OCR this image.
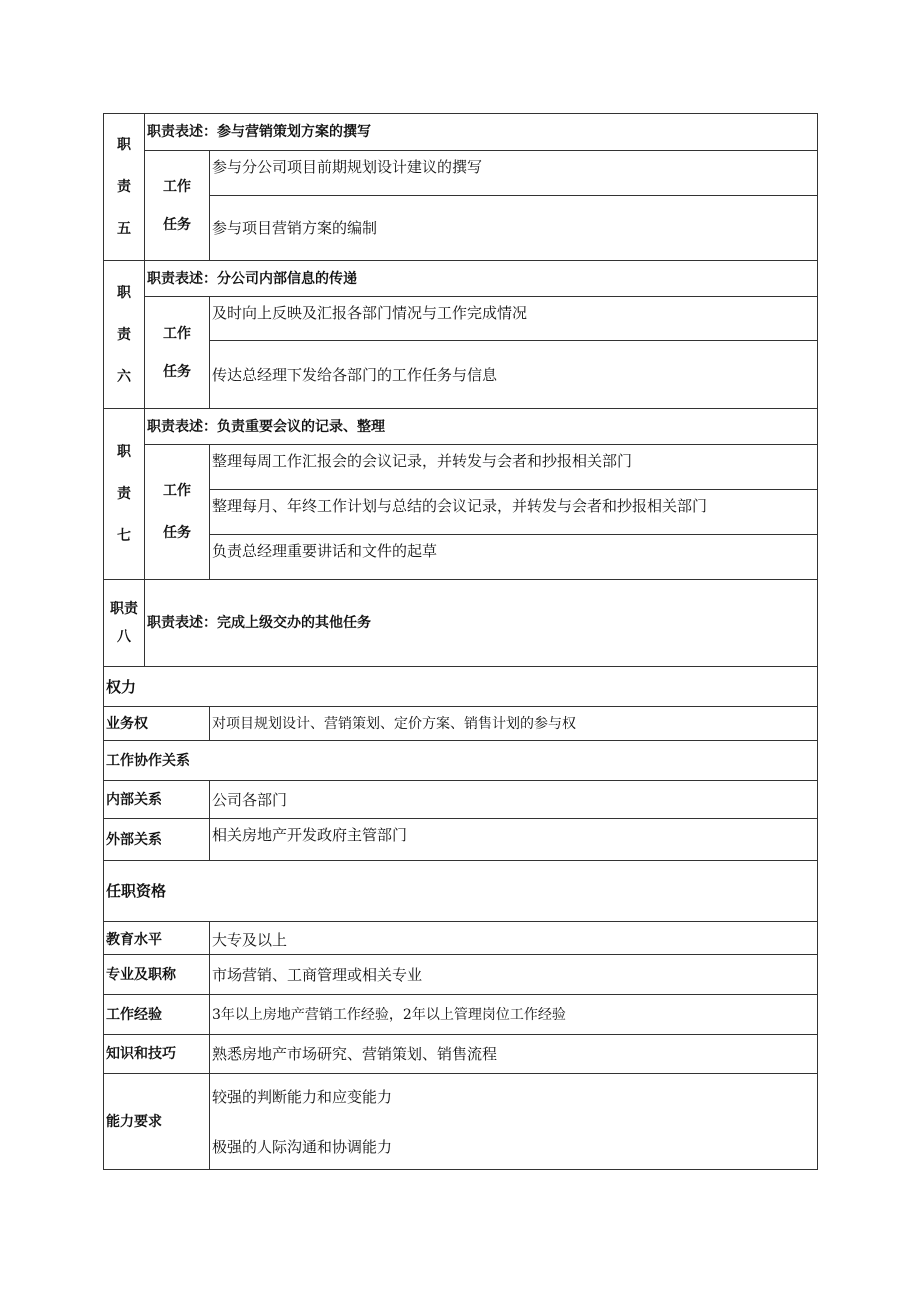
职
责
五	职责表述：参与营销策划方案的撰写	

	工作
任务	参与分公司项目前期规划设计建议的撰写
		参与项目营销方案的编制

职
责
六	职责表述：分公司内部信息的传递	

	工作
任务	及时向上反映及汇报各部门情况与工作完成情况
		传达总经理下发给各部门的工作任务与信息

职
责
七	职责表述：负责重要会议的记录、整理	

	工作
任务	整理每周工作汇报会的会议记录，并转发与会者和抄报相关部门
		整理每月、年终工作计划与总结的会议记录，并转发与会者和抄报相关部门
		负责总经理重要讲话和文件的起草

职责
八	职责表述：完成上级交办的其他任务	
权力		
业务权		对项目规划设计、营销策划、定价方案、销售计划的参与权
工作协作关系		
内部关系		公司各部门
外部关系		相关房地产开发政府主管部门
任职资格		
教育水平		大专及以上
专业及职称		市场营销、工商管理或相关专业
工作经验		3年以上房地产营销工作经验，2年以上管理岗位工作经验
知识和技巧		熟悉房地产市场研究、营销策划、销售流程
能力要求		较强的判断能力和应变能力
极强的人际沟通和协调能力
